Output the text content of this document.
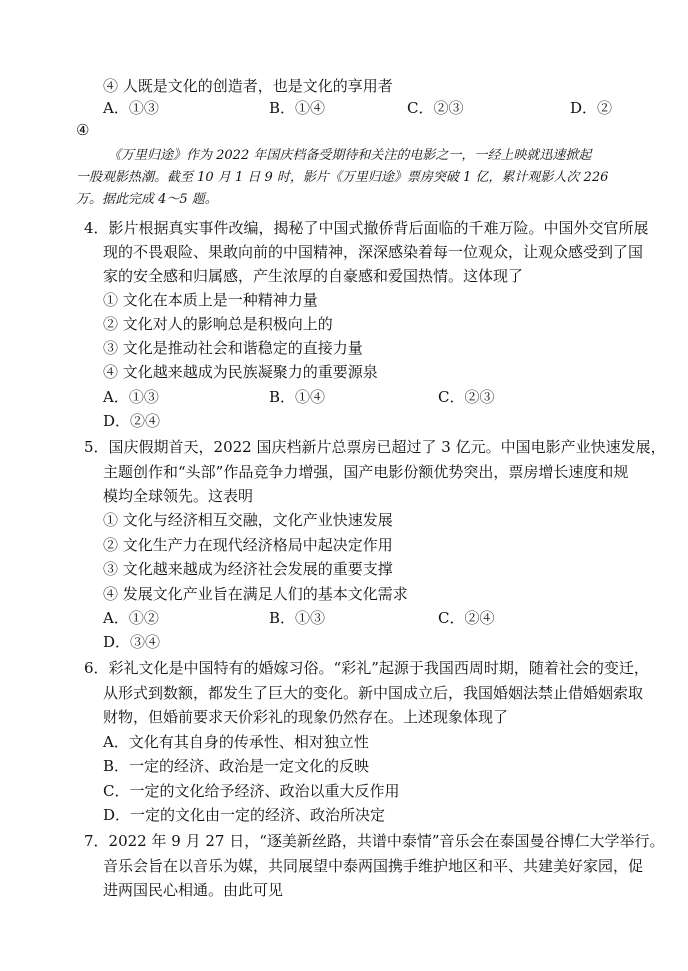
④ 人既是文化的创造者，也是文化的享用者
A．①③	B．①④	C．②③	D．②
④
《万里归途》作为 2022 年国庆档备受期待和关注的电影之一，一经上映就迅速掀起
一股观影热潮。截至 10 月 1 日 9 时，影片《万里归途》票房突破 1 亿，累计观影人次 226
万。据此完成 4～5 题。
4．影片根据真实事件改编，揭秘了中国式撤侨背后面临的千难万险。中国外交官所展
现的不畏艰险、果敢向前的中国精神，深深感染着每一位观众，让观众感受到了国
家的安全感和归属感，产生浓厚的自豪感和爱国热情。这体现了
① 文化在本质上是一种精神力量
② 文化对人的影响总是积极向上的
③ 文化是推动社会和谐稳定的直接力量
④ 文化越来越成为民族凝聚力的重要源泉
A．①③	B．①④	C．②③
D．②④
5．国庆假期首天，2022 国庆档新片总票房已超过了 3 亿元。中国电影产业快速发展，
主题创作和“头部”作品竞争力增强，国产电影份额优势突出，票房增长速度和规
模均全球领先。这表明
① 文化与经济相互交融，文化产业快速发展
② 文化生产力在现代经济格局中起决定作用
③ 文化越来越成为经济社会发展的重要支撑
④ 发展文化产业旨在满足人们的基本文化需求
A．①②	B．①③	C．②④
D．③④
6．彩礼文化是中国特有的婚嫁习俗。“彩礼”起源于我国西周时期，随着社会的变迁，
从形式到数额，都发生了巨大的变化。新中国成立后，我国婚姻法禁止借婚姻索取
财物，但婚前要求天价彩礼的现象仍然存在。上述现象体现了
A．文化有其自身的传承性、相对独立性
B．一定的经济、政治是一定文化的反映
C．一定的文化给予经济、政治以重大反作用
D．一定的文化由一定的经济、政治所决定
7．2022 年 9 月 27 日，“逐美新丝路，共谱中泰情”音乐会在泰国曼谷博仁大学举行。
音乐会旨在以音乐为媒，共同展望中泰两国携手维护地区和平、共建美好家园，促
进两国民心相通。由此可见
